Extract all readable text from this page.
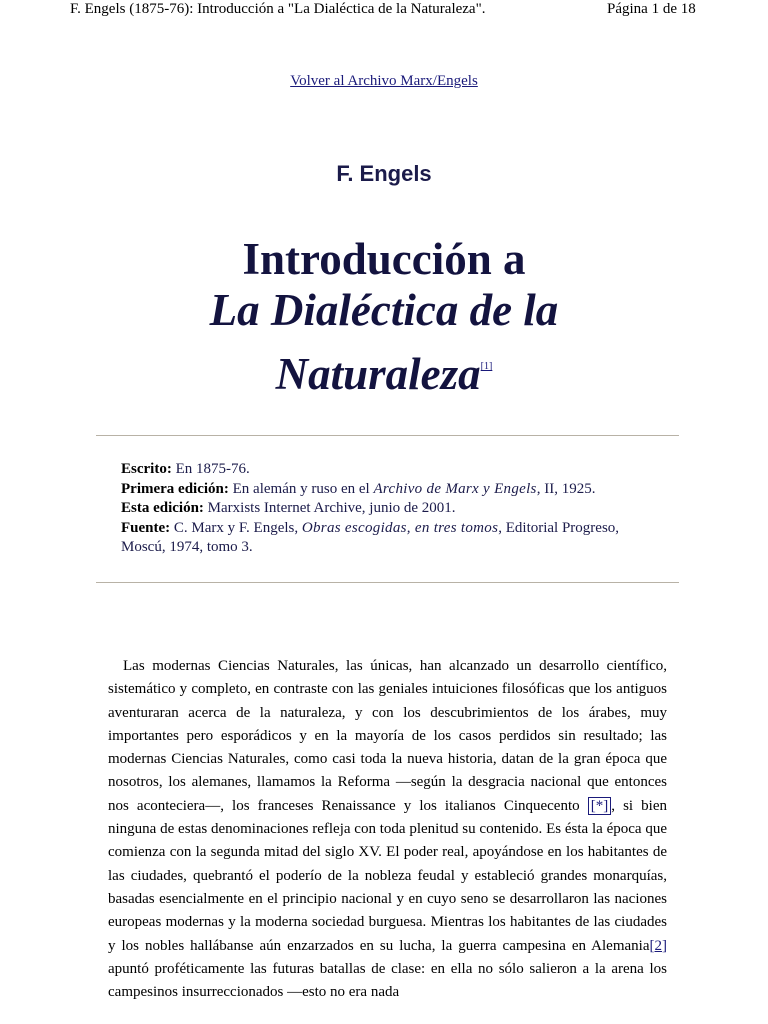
F. Engels (1875-76): Introducción a "La Dialéctica de la Naturaleza".	Página 1 de 18
Volver al Archivo Marx/Engels
F. Engels
Introducción a
La Dialéctica de la
Naturaleza[1]
Escrito: En 1875-76.
Primera edición: En alemán y ruso en el Archivo de Marx y Engels, II, 1925.
Esta edición: Marxists Internet Archive, junio de 2001.
Fuente: C. Marx y F. Engels, Obras escogidas, en tres tomos, Editorial Progreso, Moscú, 1974, tomo 3.
Las modernas Ciencias Naturales, las únicas, han alcanzado un desarrollo científico, sistemático y completo, en contraste con las geniales intuiciones filosóficas que los antiguos aventuraran acerca de la naturaleza, y con los descubrimientos de los árabes, muy importantes pero esporádicos y en la mayoría de los casos perdidos sin resultado; las modernas Ciencias Naturales, como casi toda la nueva historia, datan de la gran época que nosotros, los alemanes, llamamos la Reforma —según la desgracia nacional que entonces nos aconteciera—, los franceses Renaissance y los italianos Cinquecento [*] , si bien ninguna de estas denominaciones refleja con toda plenitud su contenido. Es ésta la época que comienza con la segunda mitad del siglo XV. El poder real, apoyándose en los habitantes de las ciudades, quebrantó el poderío de la nobleza feudal y estableció grandes monarquías, basadas esencialmente en el principio nacional y en cuyo seno se desarrollaron las naciones europeas modernas y la moderna sociedad burguesa. Mientras los habitantes de las ciudades y los nobles hallábanse aún enzarzados en su lucha, la guerra campesina en Alemania[2] apuntó proféticamente las futuras batallas de clase: en ella no sólo salieron a la arena los campesinos insurreccionados —esto no era nada
